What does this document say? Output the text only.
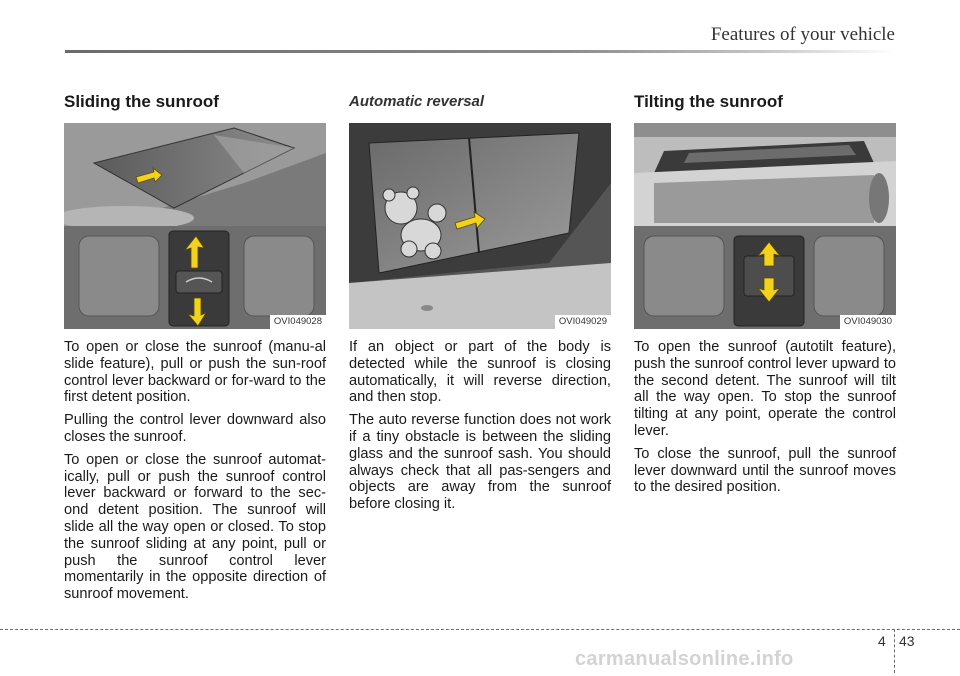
Features of your vehicle
Sliding the sunroof
OVI049028

To open or close the sunroof (manu-al slide feature), pull or push the sun-roof control lever backward or for-ward to the first detent position.

Pulling the control lever downward also closes the sunroof.

To open or close the sunroof automat-ically, pull or push the sunroof control lever backward or forward to the sec-ond detent position. The sunroof will slide all the way open or closed. To stop the sunroof sliding at any point, pull or push the sunroof control lever momentarily in the opposite direction of sunroof movement.

Automatic reversal
OVI049029

If an object or part of the body is detected while the sunroof is closing automatically, it will reverse direction, and then stop.

The auto reverse function does not work if a tiny obstacle is between the sliding glass and the sunroof sash. You should always check that all pas-sengers and objects are away from the sunroof before closing it.

Tilting the sunroof
OVI049030

To open the sunroof (autotilt feature), push the sunroof control lever upward to the second detent. The sunroof will tilt all the way open. To stop the sunroof tilting at any point, operate the control lever.

To close the sunroof, pull the sunroof lever downward until the sunroof moves to the desired position.

4 43
carmanualsonline.info
